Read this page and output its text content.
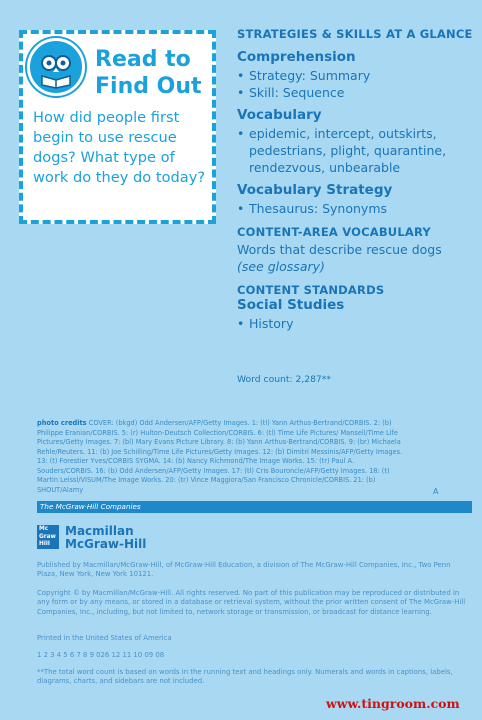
Read to
Find Out
How did people first begin to use rescue dogs? What type of work do they do today?
STRATEGIES & SKILLS AT A GLANCE
Comprehension
• Strategy: Summary
• Skill: Sequence
Vocabulary
• epidemic, intercept, outskirts, pedestrians, plight, quarantine, rendezvous, unbearable
Vocabulary Strategy
• Thesaurus: Synonyms
CONTENT-AREA VOCABULARY
Words that describe rescue dogs
(see glossary)
CONTENT STANDARDS
Social Studies
• History
Word count: 2,287**
photo credits COVER: (bkgd) Odd Andersen/AFP/Getty Images. 1: (tl) Yann Arthus-Bertrand/CORBIS. 2: (b) Philippe Eranian/CORBIS. 5: (r) Hulton-Deutsch Collection/CORBIS. 6: (tl) Time Life Pictures/ Mansell/Time Life Pictures/Getty Images. 7: (bl) Mary Evans Picture Library. 8: (b) Yann Arthus-Bertrand/CORBIS. 9: (br) Michaela Rehle/Reuters. 11: (b) Joe Schilling/Time Life Pictures/Getty Images. 12: (b) Dimitri Messinis/AFP/Getty Images. 13: (t) Forestier Yves/CORBIS SYGMA. 14: (b) Nancy Richmond/The Image Works. 15: (tr) Paul A. Souders/CORBIS. 16: (b) Odd Andersen/AFP/Getty Images. 17: (tl) Cris Bouroncle/AFP/Getty Images. 18: (t) Martin Leissl/VISUM/The Image Works. 20: (tr) Vince Maggiora/San Francisco Chronicle/CORBIS. 21: (b) SHOUT/Alamy	A
The McGraw·Hill Companies
Mc
Graw
Hill
Macmillan
McGraw-Hill
Published by Macmillan/McGraw-Hill, of McGraw-Hill Education, a division of The McGraw-Hill Companies, Inc., Two Penn Plaza, New York, New York 10121.
Copyright © by Macmillan/McGraw-Hill. All rights reserved. No part of this publication may be reproduced or distributed in any form or by any means, or stored in a database or retrieval system, without the prior written consent of The McGraw-Hill Companies, Inc., including, but not limited to, network storage or transmission, or broadcast for distance learning.
Printed in the United States of America
1 2 3 4 5 6 7 8 9 026 12 11 10 09 08
**The total word count is based on words in the running text and headings only. Numerals and words in captions, labels, diagrams, charts, and sidebars are not included.
www.tingroom.com
